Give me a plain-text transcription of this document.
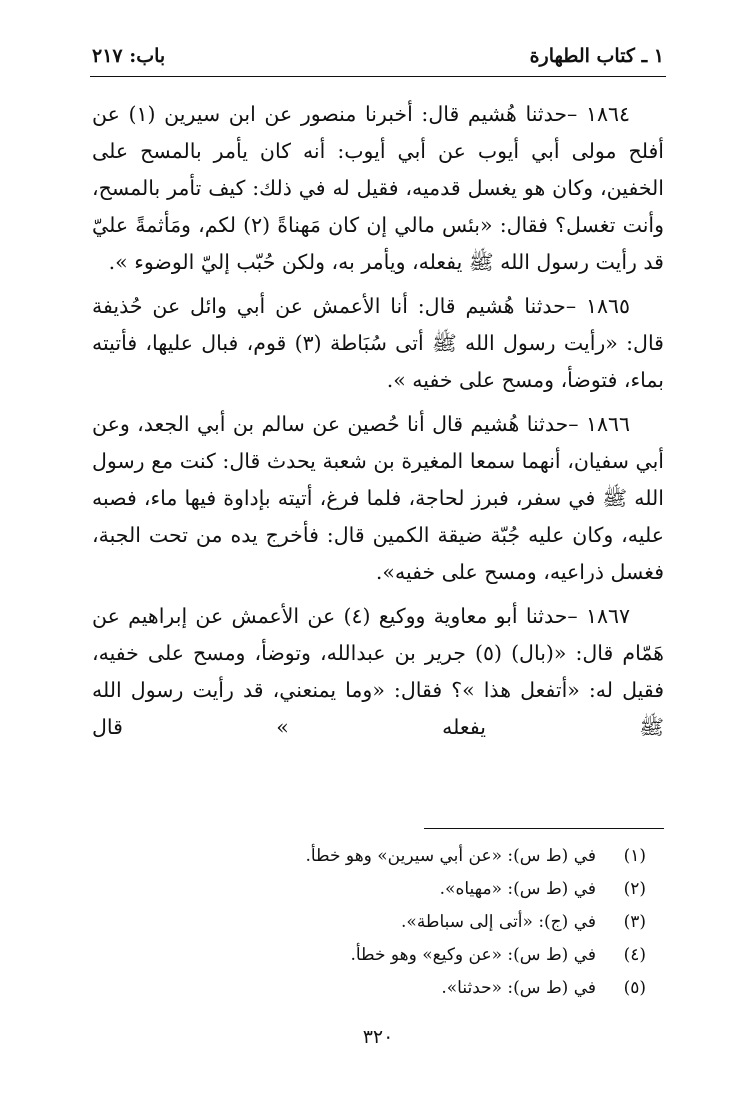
١ ـ كتاب الطهارة
باب: ٢١٧

١٨٦٤ –حدثنا هُشيم قال: أخبرنا منصور عن ابن سيرين (١) عن أفلح مولى أبي أيوب عن أبي أيوب: أنه كان يأمر بالمسح على الخفين، وكان هو يغسل قدميه، فقيل له في ذلك: كيف تأمر بالمسح، وأنت تغسل؟ فقال: «بئس مالي إن كان مَهناةً (٢) لكم، ومَأثمةً عليّ قد رأيت رسول الله ﷺ يفعله، ويأمر به، ولكن حُبّب إليّ الوضوء ».

١٨٦٥ –حدثنا هُشيم قال: أنا الأعمش عن أبي وائل عن حُذيفة قال: «رأيت رسول الله ﷺ أتى سُبَاطة (٣) قوم، فبال عليها، فأتيته بماء، فتوضأ، ومسح على خفيه ».

١٨٦٦ –حدثنا هُشيم قال أنا حُصين عن سالم بن أبي الجعد، وعن أبي سفيان، أنهما سمعا المغيرة بن شعبة يحدث قال: كنت مع رسول الله ﷺ في سفر، فبرز لحاجة، فلما فرغ، أتيته بإداوة فيها ماء، فصبه عليه، وكان عليه جُبّة ضيقة الكمين قال: فأخرج يده من تحت الجبة، فغسل ذراعيه، ومسح على خفيه».

١٨٦٧ –حدثنا أبو معاوية ووكيع (٤) عن الأعمش عن إبراهيم عن هَمّام قال: «(بال) (٥) جرير بن عبدالله، وتوضأ، ومسح على خفيه، فقيل له: «أتفعل هذا »؟ فقال: «وما يمنعني، قد رأيت رسول الله ﷺ يفعله » قال

(١)
في (ط س): «عن أبي سيرين» وهو خطأ.
(٢)
في (ط س): «مهياه».
(٣)
في (ج): «أتى إلى سباطة».
(٤)
في (ط س): «عن وكيع» وهو خطأ.
(٥)
في (ط س): «حدثنا».
٣٢٠
